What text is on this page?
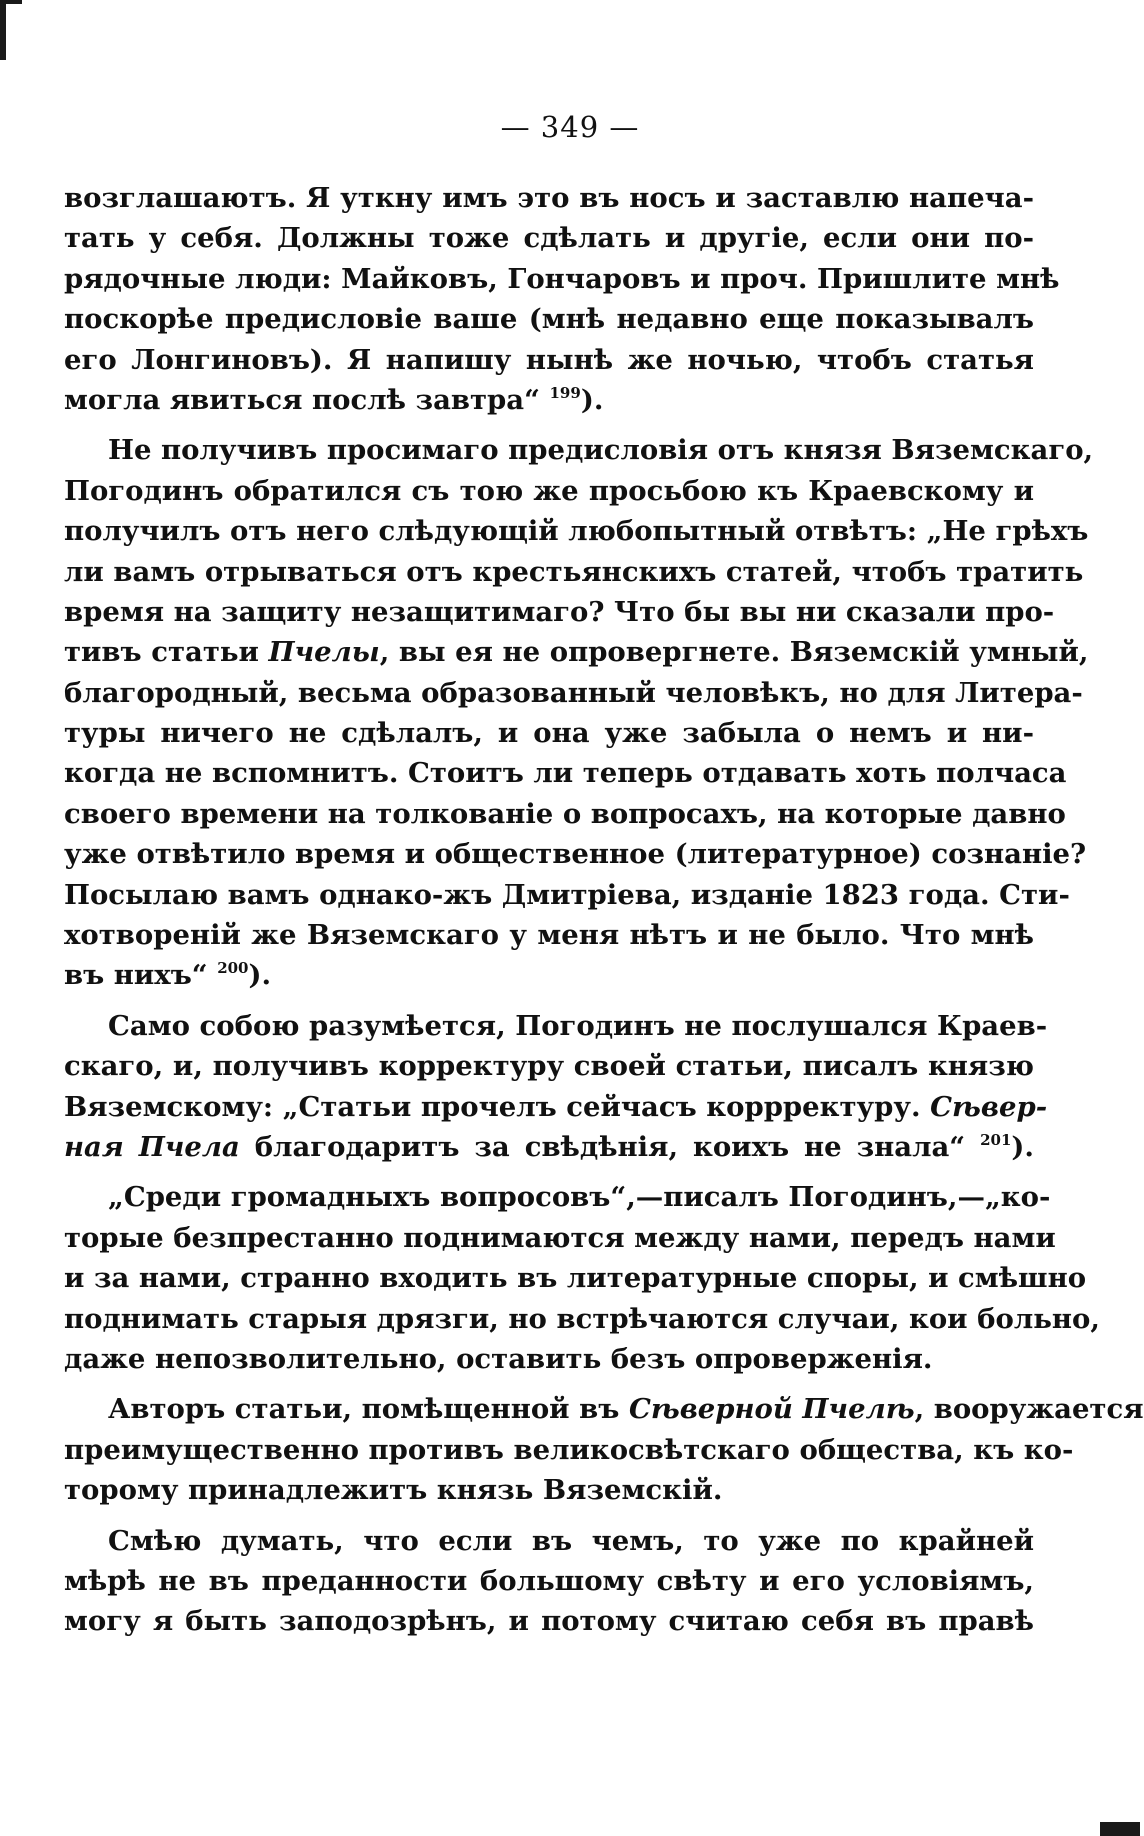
— 349 —
возглашаютъ. Я уткну имъ это въ носъ и заставлю напеча-
тать у себя. Должны тоже сдѣлать и другіе, если они по-
рядочные люди: Майковъ, Гончаровъ и проч. Пришлите мнѣ
поскорѣе предисловіе ваше (мнѣ недавно еще показывалъ
его Лонгиновъ). Я напишу нынѣ же ночью, чтобъ статья
могла явиться послѣ завтра“ $^{199}$).
Не получивъ просимаго предисловія отъ князя Вяземскаго,
Погодинъ обратился съ тою же просьбою къ Краевскому и
получилъ отъ него слѣдующій любопытный отвѣтъ: „Не грѣхъ
ли вамъ отрываться отъ крестьянскихъ статей, чтобъ тратить
время на защиту незащитимаго? Что бы вы ни сказали про-
тивъ статьи Пчелы, вы ея не опровергнете. Вяземскій умный,
благородный, весьма образованный человѣкъ, но для Литера-
туры ничего не сдѣлалъ, и она уже забыла о немъ и ни-
когда не вспомнитъ. Стоитъ ли теперь отдавать хоть полчаса
своего времени на толкованіе о вопросахъ, на которые давно
уже отвѣтило время и общественное (литературное) сознаніе?
Посылаю вамъ однако-жъ Дмитріева, изданіе 1823 года. Сти-
хотвореній же Вяземскаго у меня нѣтъ и не было. Что мнѣ
въ нихъ“ $^{200}$).
Само собою разумѣется, Погодинъ не послушался Краев-
скаго, и, получивъ корректуру своей статьи, писалъ князю
Вяземскому: „Статьи прочелъ сейчасъ коррректуру. Сѣвер-
ная Пчела благодаритъ за свѣдѣнія, коихъ не знала“ $^{201}$).
„Среди громадныхъ вопросовъ“,—писалъ Погодинъ,—„ко-
торые безпрестанно поднимаются между нами, передъ нами
и за нами, странно входить въ литературные споры, и смѣшно
поднимать старыя дрязги, но встрѣчаются случаи, кои больно,
даже непозволительно, оставить безъ опроверженія.
Авторъ статьи, помѣщенной въ Сѣверной Пчелѣ, вооружается
преимущественно противъ великосвѣтскаго общества, къ ко-
торому принадлежитъ князь Вяземскій.
Смѣю думать, что если въ чемъ, то уже по крайней
мѣрѣ не въ преданности большому свѣту и его условіямъ,
могу я быть заподозрѣнъ, и потому считаю себя въ правѣ
